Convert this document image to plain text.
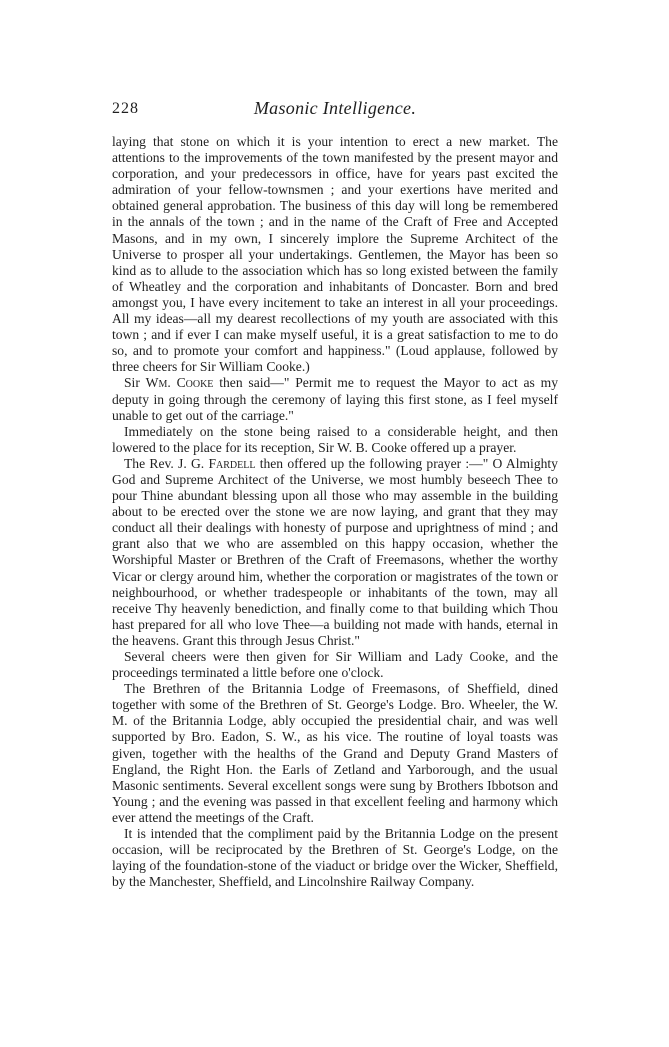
228	Masonic Intelligence.

laying that stone on which it is your intention to erect a new market. The attentions to the improvements of the town manifested by the present mayor and corporation, and your predecessors in office, have for years past excited the admiration of your fellow-townsmen ; and your exertions have merited and obtained general approbation. The business of this day will long be remembered in the annals of the town ; and in the name of the Craft of Free and Accepted Masons, and in my own, I sincerely implore the Supreme Architect of the Universe to prosper all your undertakings. Gentlemen, the Mayor has been so kind as to allude to the association which has so long existed between the family of Wheatley and the corporation and inhabitants of Doncaster. Born and bred amongst you, I have every incitement to take an interest in all your proceedings. All my ideas—all my dearest recollections of my youth are associated with this town ; and if ever I can make myself useful, it is a great satisfaction to me to do so, and to promote your comfort and happiness." (Loud applause, followed by three cheers for Sir William Cooke.)

Sir Wm. Cooke then said—" Permit me to request the Mayor to act as my deputy in going through the ceremony of laying this first stone, as I feel myself unable to get out of the carriage."

Immediately on the stone being raised to a considerable height, and then lowered to the place for its reception, Sir W. B. Cooke offered up a prayer.

The Rev. J. G. Fardell then offered up the following prayer :—" O Almighty God and Supreme Architect of the Universe, we most humbly beseech Thee to pour Thine abundant blessing upon all those who may assemble in the building about to be erected over the stone we are now laying, and grant that they may conduct all their dealings with honesty of purpose and uprightness of mind ; and grant also that we who are assembled on this happy occasion, whether the Worshipful Master or Brethren of the Craft of Freemasons, whether the worthy Vicar or clergy around him, whether the corporation or magistrates of the town or neighbourhood, or whether tradespeople or inhabitants of the town, may all receive Thy heavenly benediction, and finally come to that building which Thou hast prepared for all who love Thee—a building not made with hands, eternal in the heavens. Grant this through Jesus Christ."

Several cheers were then given for Sir William and Lady Cooke, and the proceedings terminated a little before one o'clock.

The Brethren of the Britannia Lodge of Freemasons, of Sheffield, dined together with some of the Brethren of St. George's Lodge. Bro. Wheeler, the W. M. of the Britannia Lodge, ably occupied the presidential chair, and was well supported by Bro. Eadon, S. W., as his vice. The routine of loyal toasts was given, together with the healths of the Grand and Deputy Grand Masters of England, the Right Hon. the Earls of Zetland and Yarborough, and the usual Masonic sentiments. Several excellent songs were sung by Brothers Ibbotson and Young ; and the evening was passed in that excellent feeling and harmony which ever attend the meetings of the Craft.

It is intended that the compliment paid by the Britannia Lodge on the present occasion, will be reciprocated by the Brethren of St. George's Lodge, on the laying of the foundation-stone of the viaduct or bridge over the Wicker, Sheffield, by the Manchester, Sheffield, and Lincolnshire Railway Company.
